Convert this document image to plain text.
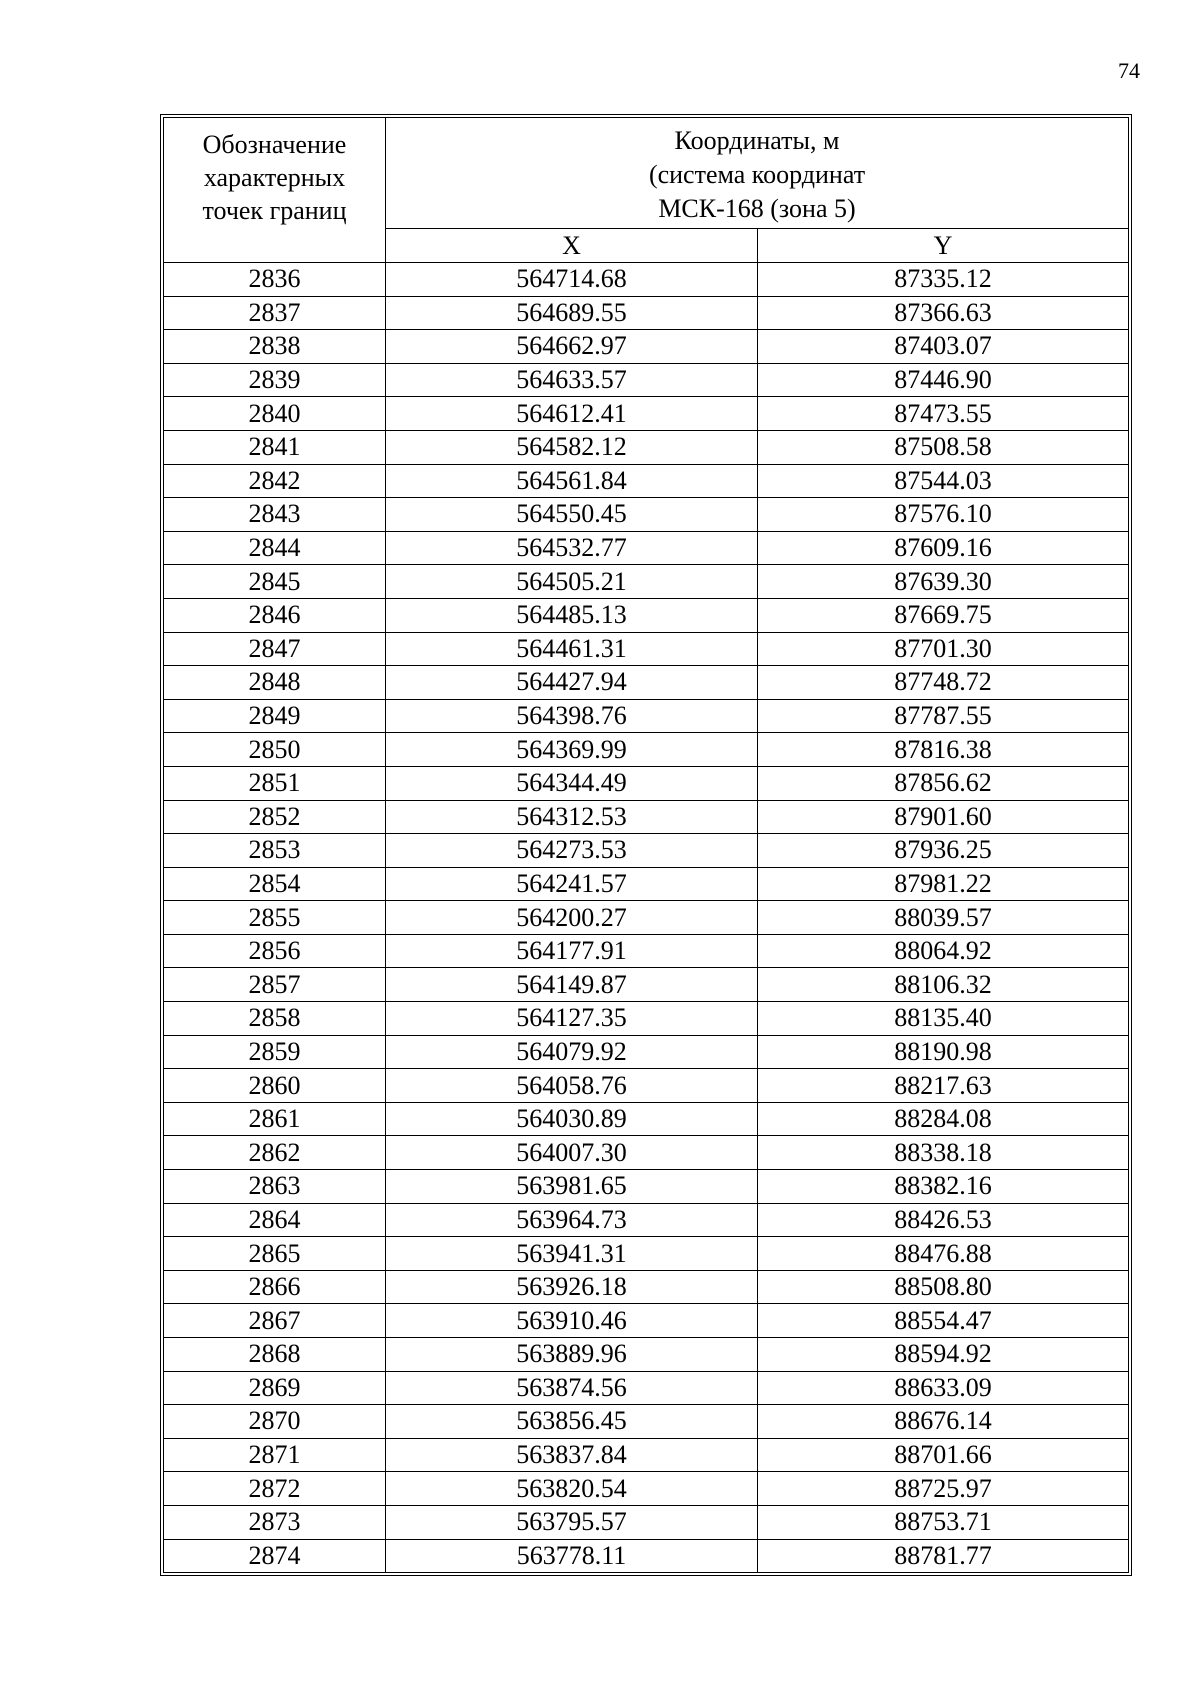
74
Обозначение
характерных
точек границ	Координаты, м
(система координат
МСК-168 (зона 5)	

	X	Y
2836	564714.68	87335.12
2837	564689.55	87366.63
2838	564662.97	87403.07
2839	564633.57	87446.90
2840	564612.41	87473.55
2841	564582.12	87508.58
2842	564561.84	87544.03
2843	564550.45	87576.10
2844	564532.77	87609.16
2845	564505.21	87639.30
2846	564485.13	87669.75
2847	564461.31	87701.30
2848	564427.94	87748.72
2849	564398.76	87787.55
2850	564369.99	87816.38
2851	564344.49	87856.62
2852	564312.53	87901.60
2853	564273.53	87936.25
2854	564241.57	87981.22
2855	564200.27	88039.57
2856	564177.91	88064.92
2857	564149.87	88106.32
2858	564127.35	88135.40
2859	564079.92	88190.98
2860	564058.76	88217.63
2861	564030.89	88284.08
2862	564007.30	88338.18
2863	563981.65	88382.16
2864	563964.73	88426.53
2865	563941.31	88476.88
2866	563926.18	88508.80
2867	563910.46	88554.47
2868	563889.96	88594.92
2869	563874.56	88633.09
2870	563856.45	88676.14
2871	563837.84	88701.66
2872	563820.54	88725.97
2873	563795.57	88753.71
2874	563778.11	88781.77
